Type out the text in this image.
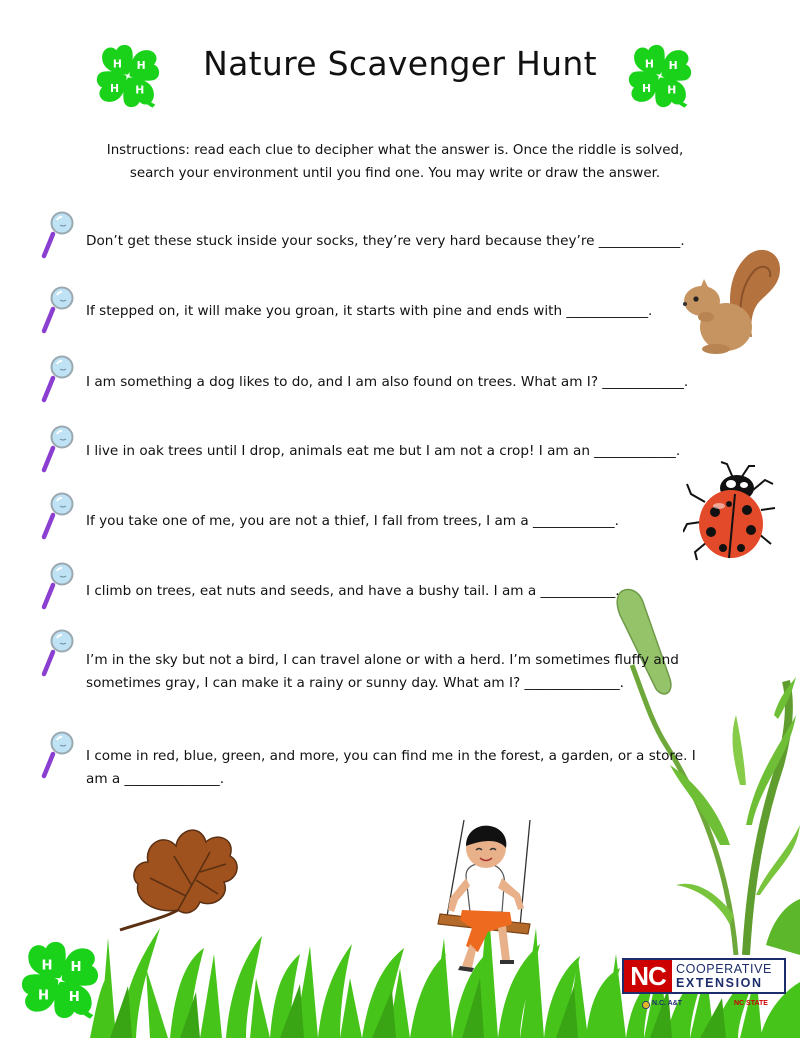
Nature Scavenger Hunt
H H
H
H
H H
H
H
Instructions: read each clue to decipher what the answer is. Once the riddle is solved,
search your environment until you find one. You may write or draw the answer.
H H
H
H
Don’t get these stuck inside your socks, they’re very hard because they’re ____________.
If stepped on, it will make you groan, it starts with pine and ends with ____________.
I am something a dog likes to do, and I am also found on trees. What am I? ____________.
I live in oak trees until I drop, animals eat me but I am not a crop! I am an ____________.
If you take one of me, you are not a thief, I fall from trees, I am a ____________.
I climb on trees, eat nuts and seeds, and have a bushy tail. I am a ___________.
I’m in the sky but not a bird, I can travel alone or with a herd. I’m sometimes fluffy and
sometimes gray, I can make it a rainy or sunny day. What am I? ______________.
I come in red, blue, green, and more, you can find me in the forest, a garden, or a store. I
am a ______________.
NC COOPERATIVE
EXTENSION
N.C. A&T	NC STATE
